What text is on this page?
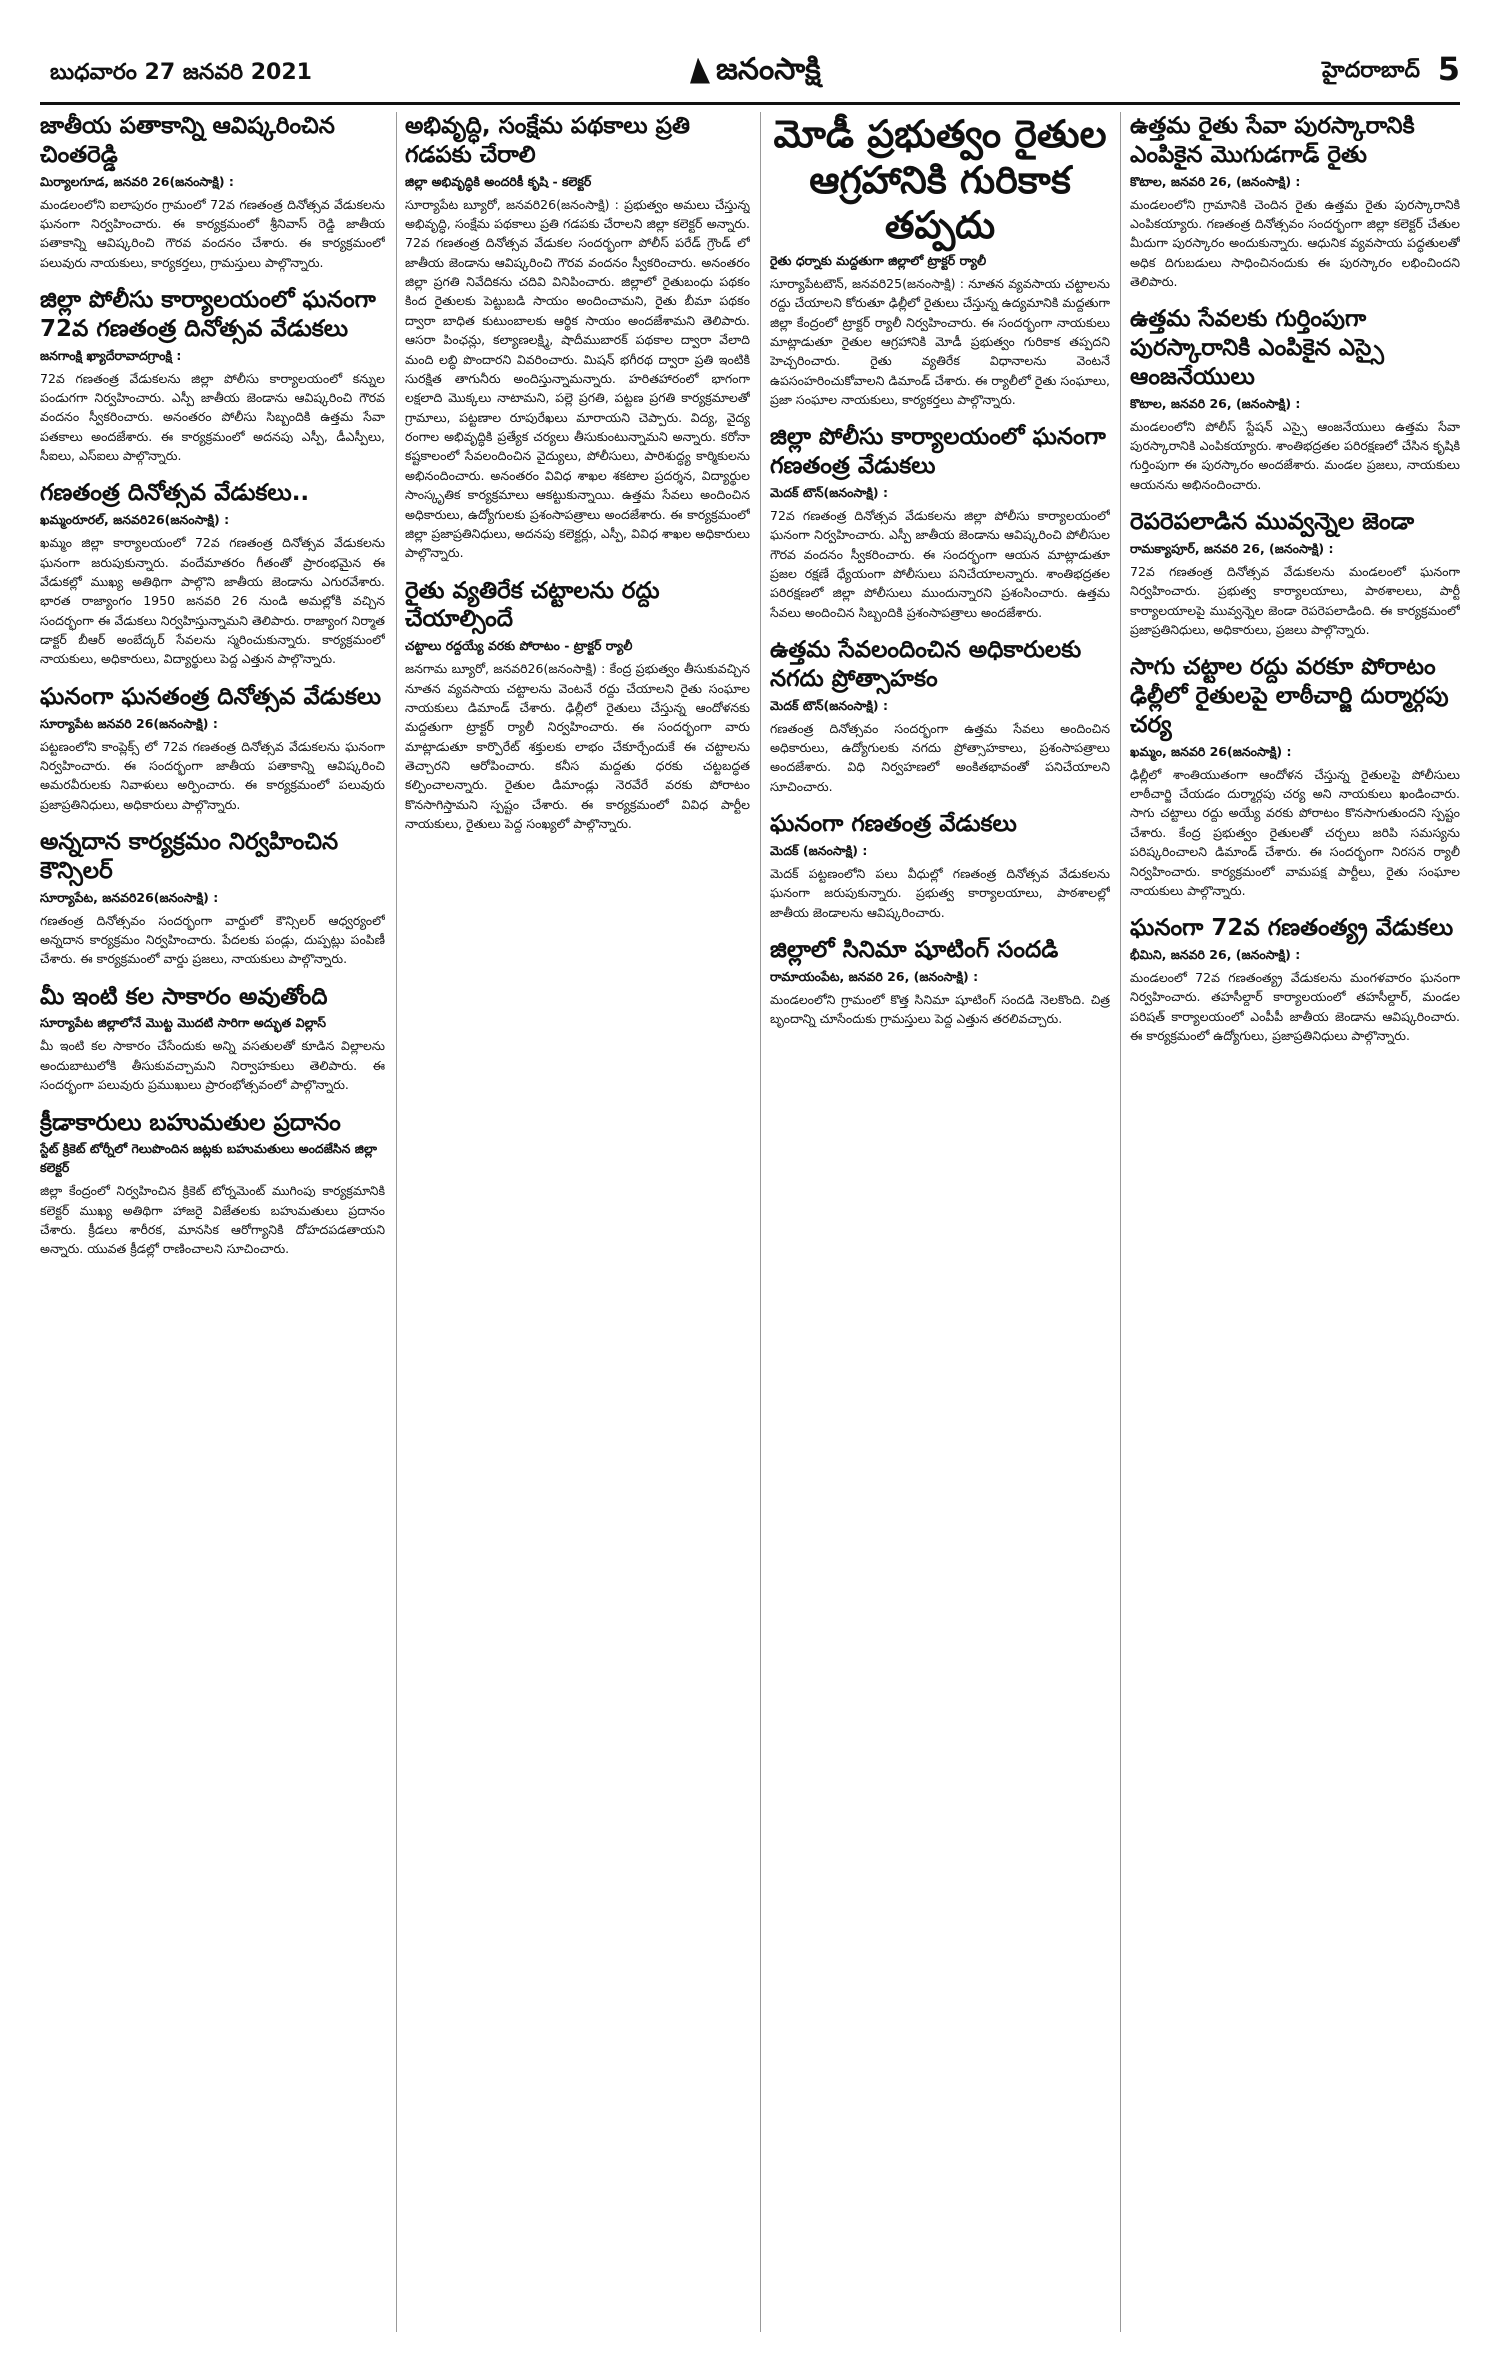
బుధవారం 27 జనవరి 2021	జనంసాక్షి	హైదరాబాద్ 5
జాతీయ పతాకాన్ని ఆవిష్కరించిన చింతరెడ్డి
మిర్యాలగూడ, జనవరి 26(జనంసాక్షి) :

మండలంలోని ఐలాపురం గ్రామంలో 72వ గణతంత్ర దినోత్సవ వేడుకలను ఘనంగా నిర్వహించారు. ఈ కార్యక్రమంలో శ్రీనివాస్ రెడ్డి జాతీయ పతాకాన్ని ఆవిష్కరించి గౌరవ వందనం చేశారు. ఈ కార్యక్రమంలో పలువురు నాయకులు, కార్యకర్తలు, గ్రామస్తులు పాల్గొన్నారు.

జిల్లా పోలీసు కార్యాలయంలో ఘనంగా 72వ గణతంత్ర దినోత్సవ వేడుకలు
జనగాంక్షి ఖ్యాదేరావాదగ్రాంక్షి :

72వ గణతంత్ర వేడుకలను జిల్లా పోలీసు కార్యాలయంలో కన్నుల పండుగగా నిర్వహించారు. ఎస్పీ జాతీయ జెండాను ఆవిష్కరించి గౌరవ వందనం స్వీకరించారు. అనంతరం పోలీసు సిబ్బందికి ఉత్తమ సేవా పతకాలు అందజేశారు. ఈ కార్యక్రమంలో అదనపు ఎస్పీ, డీఎస్పీలు, సీఐలు, ఎస్ఐలు పాల్గొన్నారు.

గణతంత్ర దినోత్సవ వేడుకలు..
ఖమ్మంరూరల్, జనవరి26(జనంసాక్షి) :

ఖమ్మం జిల్లా కార్యాలయంలో 72వ గణతంత్ర దినోత్సవ వేడుకలను ఘనంగా జరుపుకున్నారు. వందేమాతరం గీతంతో ప్రారంభమైన ఈ వేడుకల్లో ముఖ్య అతిథిగా పాల్గొని జాతీయ జెండాను ఎగురవేశారు. భారత రాజ్యాంగం 1950 జనవరి 26 నుండి అమల్లోకి వచ్చిన సందర్భంగా ఈ వేడుకలు నిర్వహిస్తున్నామని తెలిపారు. రాజ్యాంగ నిర్మాత డాక్టర్ బీఆర్ అంబేద్కర్ సేవలను స్మరించుకున్నారు. కార్యక్రమంలో నాయకులు, అధికారులు, విద్యార్థులు పెద్ద ఎత్తున పాల్గొన్నారు.

ఘనంగా ఘనతంత్ర దినోత్సవ వేడుకలు
సూర్యాపేట జనవరి 26(జనంసాక్షి) :

పట్టణంలోని కాంప్లెక్స్ లో 72వ గణతంత్ర దినోత్సవ వేడుకలను ఘనంగా నిర్వహించారు. ఈ సందర్భంగా జాతీయ పతాకాన్ని ఆవిష్కరించి అమరవీరులకు నివాళులు అర్పించారు. ఈ కార్యక్రమంలో పలువురు ప్రజాప్రతినిధులు, అధికారులు పాల్గొన్నారు.

అన్నదాన కార్యక్రమం నిర్వహించిన కౌన్సిలర్
సూర్యాపేట, జనవరి26(జనంసాక్షి) :

గణతంత్ర దినోత్సవం సందర్భంగా వార్డులో కౌన్సిలర్ ఆధ్వర్యంలో అన్నదాన కార్యక్రమం నిర్వహించారు. పేదలకు పండ్లు, దుప్పట్లు పంపిణీ చేశారు. ఈ కార్యక్రమంలో వార్డు ప్రజలు, నాయకులు పాల్గొన్నారు.

మీ ఇంటి కల సాకారం అవుతోంది
సూర్యాపేట జిల్లాలోనే మొట్ట మొదటి సారిగా అద్భుత విల్లాస్

మీ ఇంటి కల సాకారం చేసేందుకు అన్ని వసతులతో కూడిన విల్లాలను అందుబాటులోకి తీసుకువచ్చామని నిర్వాహకులు తెలిపారు. ఈ సందర్భంగా పలువురు ప్రముఖులు ప్రారంభోత్సవంలో పాల్గొన్నారు.

క్రీడాకారులు బహుమతుల ప్రదానం
స్టేట్ క్రికెట్ టోర్నీలో గెలుపొందిన జట్లకు బహుమతులు అందజేసిన జిల్లా కలెక్టర్

జిల్లా కేంద్రంలో నిర్వహించిన క్రికెట్ టోర్నమెంట్ ముగింపు కార్యక్రమానికి కలెక్టర్ ముఖ్య అతిథిగా హాజరై విజేతలకు బహుమతులు ప్రదానం చేశారు. క్రీడలు శారీరక, మానసిక ఆరోగ్యానికి దోహదపడతాయని అన్నారు. యువత క్రీడల్లో రాణించాలని సూచించారు.

అభివృద్ధి, సంక్షేమ పథకాలు ప్రతి గడపకు చేరాలి
జిల్లా అభివృద్ధికి అందరికీ కృషి - కలెక్టర్

సూర్యాపేట బ్యూరో, జనవరి26(జనంసాక్షి) : ప్రభుత్వం అమలు చేస్తున్న అభివృద్ధి, సంక్షేమ పథకాలు ప్రతి గడపకు చేరాలని జిల్లా కలెక్టర్ అన్నారు. 72వ గణతంత్ర దినోత్సవ వేడుకల సందర్భంగా పోలీస్ పరేడ్ గ్రౌండ్ లో జాతీయ జెండాను ఆవిష్కరించి గౌరవ వందనం స్వీకరించారు. అనంతరం జిల్లా ప్రగతి నివేదికను చదివి వినిపించారు. జిల్లాలో రైతుబంధు పథకం కింద రైతులకు పెట్టుబడి సాయం అందించామని, రైతు బీమా పథకం ద్వారా బాధిత కుటుంబాలకు ఆర్థిక సాయం అందజేశామని తెలిపారు. ఆసరా పింఛన్లు, కల్యాణలక్ష్మి, షాదీముబారక్ పథకాల ద్వారా వేలాది మంది లబ్ధి పొందారని వివరించారు. మిషన్ భగీరథ ద్వారా ప్రతి ఇంటికి సురక్షిత తాగునీరు అందిస్తున్నామన్నారు. హరితహారంలో భాగంగా లక్షలాది మొక్కలు నాటామని, పల్లె ప్రగతి, పట్టణ ప్రగతి కార్యక్రమాలతో గ్రామాలు, పట్టణాల రూపురేఖలు మారాయని చెప్పారు. విద్య, వైద్య రంగాల అభివృద్ధికి ప్రత్యేక చర్యలు తీసుకుంటున్నామని అన్నారు. కరోనా కష్టకాలంలో సేవలందించిన వైద్యులు, పోలీసులు, పారిశుద్ధ్య కార్మికులను అభినందించారు. అనంతరం వివిధ శాఖల శకటాల ప్రదర్శన, విద్యార్థుల సాంస్కృతిక కార్యక్రమాలు ఆకట్టుకున్నాయి. ఉత్తమ సేవలు అందించిన అధికారులు, ఉద్యోగులకు ప్రశంసాపత్రాలు అందజేశారు. ఈ కార్యక్రమంలో జిల్లా ప్రజాప్రతినిధులు, అదనపు కలెక్టర్లు, ఎస్పీ, వివిధ శాఖల అధికారులు పాల్గొన్నారు.

రైతు వ్యతిరేక చట్టాలను రద్దు చేయాల్సిందే
చట్టాలు రద్దయ్యే వరకు పోరాటం - ట్రాక్టర్ ర్యాలీ

జనగామ బ్యూరో, జనవరి26(జనంసాక్షి) : కేంద్ర ప్రభుత్వం తీసుకువచ్చిన నూతన వ్యవసాయ చట్టాలను వెంటనే రద్దు చేయాలని రైతు సంఘాల నాయకులు డిమాండ్ చేశారు. ఢిల్లీలో రైతులు చేస్తున్న ఆందోళనకు మద్దతుగా ట్రాక్టర్ ర్యాలీ నిర్వహించారు. ఈ సందర్భంగా వారు మాట్లాడుతూ కార్పొరేట్ శక్తులకు లాభం చేకూర్చేందుకే ఈ చట్టాలను తెచ్చారని ఆరోపించారు. కనీస మద్దతు ధరకు చట్టబద్ధత కల్పించాలన్నారు. రైతుల డిమాండ్లు నెరవేరే వరకు పోరాటం కొనసాగిస్తామని స్పష్టం చేశారు. ఈ కార్యక్రమంలో వివిధ పార్టీల నాయకులు, రైతులు పెద్ద సంఖ్యలో పాల్గొన్నారు.

మోడీ ప్రభుత్వం రైతుల ఆగ్రహానికి గురికాక తప్పదు
రైతు ధర్నాకు మద్దతుగా జిల్లాలో ట్రాక్టర్ ర్యాలీ

సూర్యాపేటటౌన్, జనవరి25(జనంసాక్షి) : నూతన వ్యవసాయ చట్టాలను రద్దు చేయాలని కోరుతూ ఢిల్లీలో రైతులు చేస్తున్న ఉద్యమానికి మద్దతుగా జిల్లా కేంద్రంలో ట్రాక్టర్ ర్యాలీ నిర్వహించారు. ఈ సందర్భంగా నాయకులు మాట్లాడుతూ రైతుల ఆగ్రహానికి మోడీ ప్రభుత్వం గురికాక తప్పదని హెచ్చరించారు. రైతు వ్యతిరేక విధానాలను వెంటనే ఉపసంహరించుకోవాలని డిమాండ్ చేశారు. ఈ ర్యాలీలో రైతు సంఘాలు, ప్రజా సంఘాల నాయకులు, కార్యకర్తలు పాల్గొన్నారు.

జిల్లా పోలీసు కార్యాలయంలో ఘనంగా గణతంత్ర వేడుకలు
మెదక్ టౌన్(జనంసాక్షి) :

72వ గణతంత్ర దినోత్సవ వేడుకలను జిల్లా పోలీసు కార్యాలయంలో ఘనంగా నిర్వహించారు. ఎస్పీ జాతీయ జెండాను ఆవిష్కరించి పోలీసుల గౌరవ వందనం స్వీకరించారు. ఈ సందర్భంగా ఆయన మాట్లాడుతూ ప్రజల రక్షణే ధ్యేయంగా పోలీసులు పనిచేయాలన్నారు. శాంతిభద్రతల పరిరక్షణలో జిల్లా పోలీసులు ముందున్నారని ప్రశంసించారు. ఉత్తమ సేవలు అందించిన సిబ్బందికి ప్రశంసాపత్రాలు అందజేశారు.

ఉత్తమ సేవలందించిన అధికారులకు నగదు ప్రోత్సాహకం
మెదక్ టౌన్(జనంసాక్షి) :

గణతంత్ర దినోత్సవం సందర్భంగా ఉత్తమ సేవలు అందించిన అధికారులు, ఉద్యోగులకు నగదు ప్రోత్సాహకాలు, ప్రశంసాపత్రాలు అందజేశారు. విధి నిర్వహణలో అంకితభావంతో పనిచేయాలని సూచించారు.

ఘనంగా గణతంత్ర వేడుకలు
మెదక్ (జనంసాక్షి) :

మెదక్ పట్టణంలోని పలు వీధుల్లో గణతంత్ర దినోత్సవ వేడుకలను ఘనంగా జరుపుకున్నారు. ప్రభుత్వ కార్యాలయాలు, పాఠశాలల్లో జాతీయ జెండాలను ఆవిష్కరించారు.

జిల్లాలో సినిమా షూటింగ్ సందడి
రామాయంపేట, జనవరి 26, (జనంసాక్షి) :

మండలంలోని గ్రామంలో కొత్త సినిమా షూటింగ్ సందడి నెలకొంది. చిత్ర బృందాన్ని చూసేందుకు గ్రామస్తులు పెద్ద ఎత్తున తరలివచ్చారు.

ఉత్తమ రైతు సేవా పురస్కారానికి ఎంపికైన మొగుడగాడ్ రైతు
కొటాల, జనవరి 26, (జనంసాక్షి) :

మండలంలోని గ్రామానికి చెందిన రైతు ఉత్తమ రైతు పురస్కారానికి ఎంపికయ్యారు. గణతంత్ర దినోత్సవం సందర్భంగా జిల్లా కలెక్టర్ చేతుల మీదుగా పురస్కారం అందుకున్నారు. ఆధునిక వ్యవసాయ పద్ధతులతో అధిక దిగుబడులు సాధించినందుకు ఈ పురస్కారం లభించిందని తెలిపారు.

ఉత్తమ సేవలకు గుర్తింపుగా పురస్కారానికి ఎంపికైన ఎస్సై ఆంజనేయులు
కొటాల, జనవరి 26, (జనంసాక్షి) :

మండలంలోని పోలీస్ స్టేషన్ ఎస్సై ఆంజనేయులు ఉత్తమ సేవా పురస్కారానికి ఎంపికయ్యారు. శాంతిభద్రతల పరిరక్షణలో చేసిన కృషికి గుర్తింపుగా ఈ పురస్కారం అందజేశారు. మండల ప్రజలు, నాయకులు ఆయనను అభినందించారు.

రెపరెపలాడిన మువ్వన్నెల జెండా
రామక్యాపూర్, జనవరి 26, (జనంసాక్షి) :

72వ గణతంత్ర దినోత్సవ వేడుకలను మండలంలో ఘనంగా నిర్వహించారు. ప్రభుత్వ కార్యాలయాలు, పాఠశాలలు, పార్టీ కార్యాలయాలపై మువ్వన్నెల జెండా రెపరెపలాడింది. ఈ కార్యక్రమంలో ప్రజాప్రతినిధులు, అధికారులు, ప్రజలు పాల్గొన్నారు.

సాగు చట్టాల రద్దు వరకూ పోరాటం ఢిల్లీలో రైతులపై లాఠీచార్జి దుర్మార్గపు చర్య
ఖమ్మం, జనవరి 26(జనంసాక్షి) :

ఢిల్లీలో శాంతియుతంగా ఆందోళన చేస్తున్న రైతులపై పోలీసులు లాఠీచార్జి చేయడం దుర్మార్గపు చర్య అని నాయకులు ఖండించారు. సాగు చట్టాలు రద్దు అయ్యే వరకు పోరాటం కొనసాగుతుందని స్పష్టం చేశారు. కేంద్ర ప్రభుత్వం రైతులతో చర్చలు జరిపి సమస్యను పరిష్కరించాలని డిమాండ్ చేశారు. ఈ సందర్భంగా నిరసన ర్యాలీ నిర్వహించారు. కార్యక్రమంలో వామపక్ష పార్టీలు, రైతు సంఘాల నాయకులు పాల్గొన్నారు.

ఘనంగా 72వ గణతంత్య్ర వేడుకలు
భీమిని, జనవరి 26, (జనంసాక్షి) :

మండలంలో 72వ గణతంత్య్ర వేడుకలను మంగళవారం ఘనంగా నిర్వహించారు. తహసీల్దార్ కార్యాలయంలో తహసీల్దార్, మండల పరిషత్ కార్యాలయంలో ఎంపీపీ జాతీయ జెండాను ఆవిష్కరించారు. ఈ కార్యక్రమంలో ఉద్యోగులు, ప్రజాప్రతినిధులు పాల్గొన్నారు.
